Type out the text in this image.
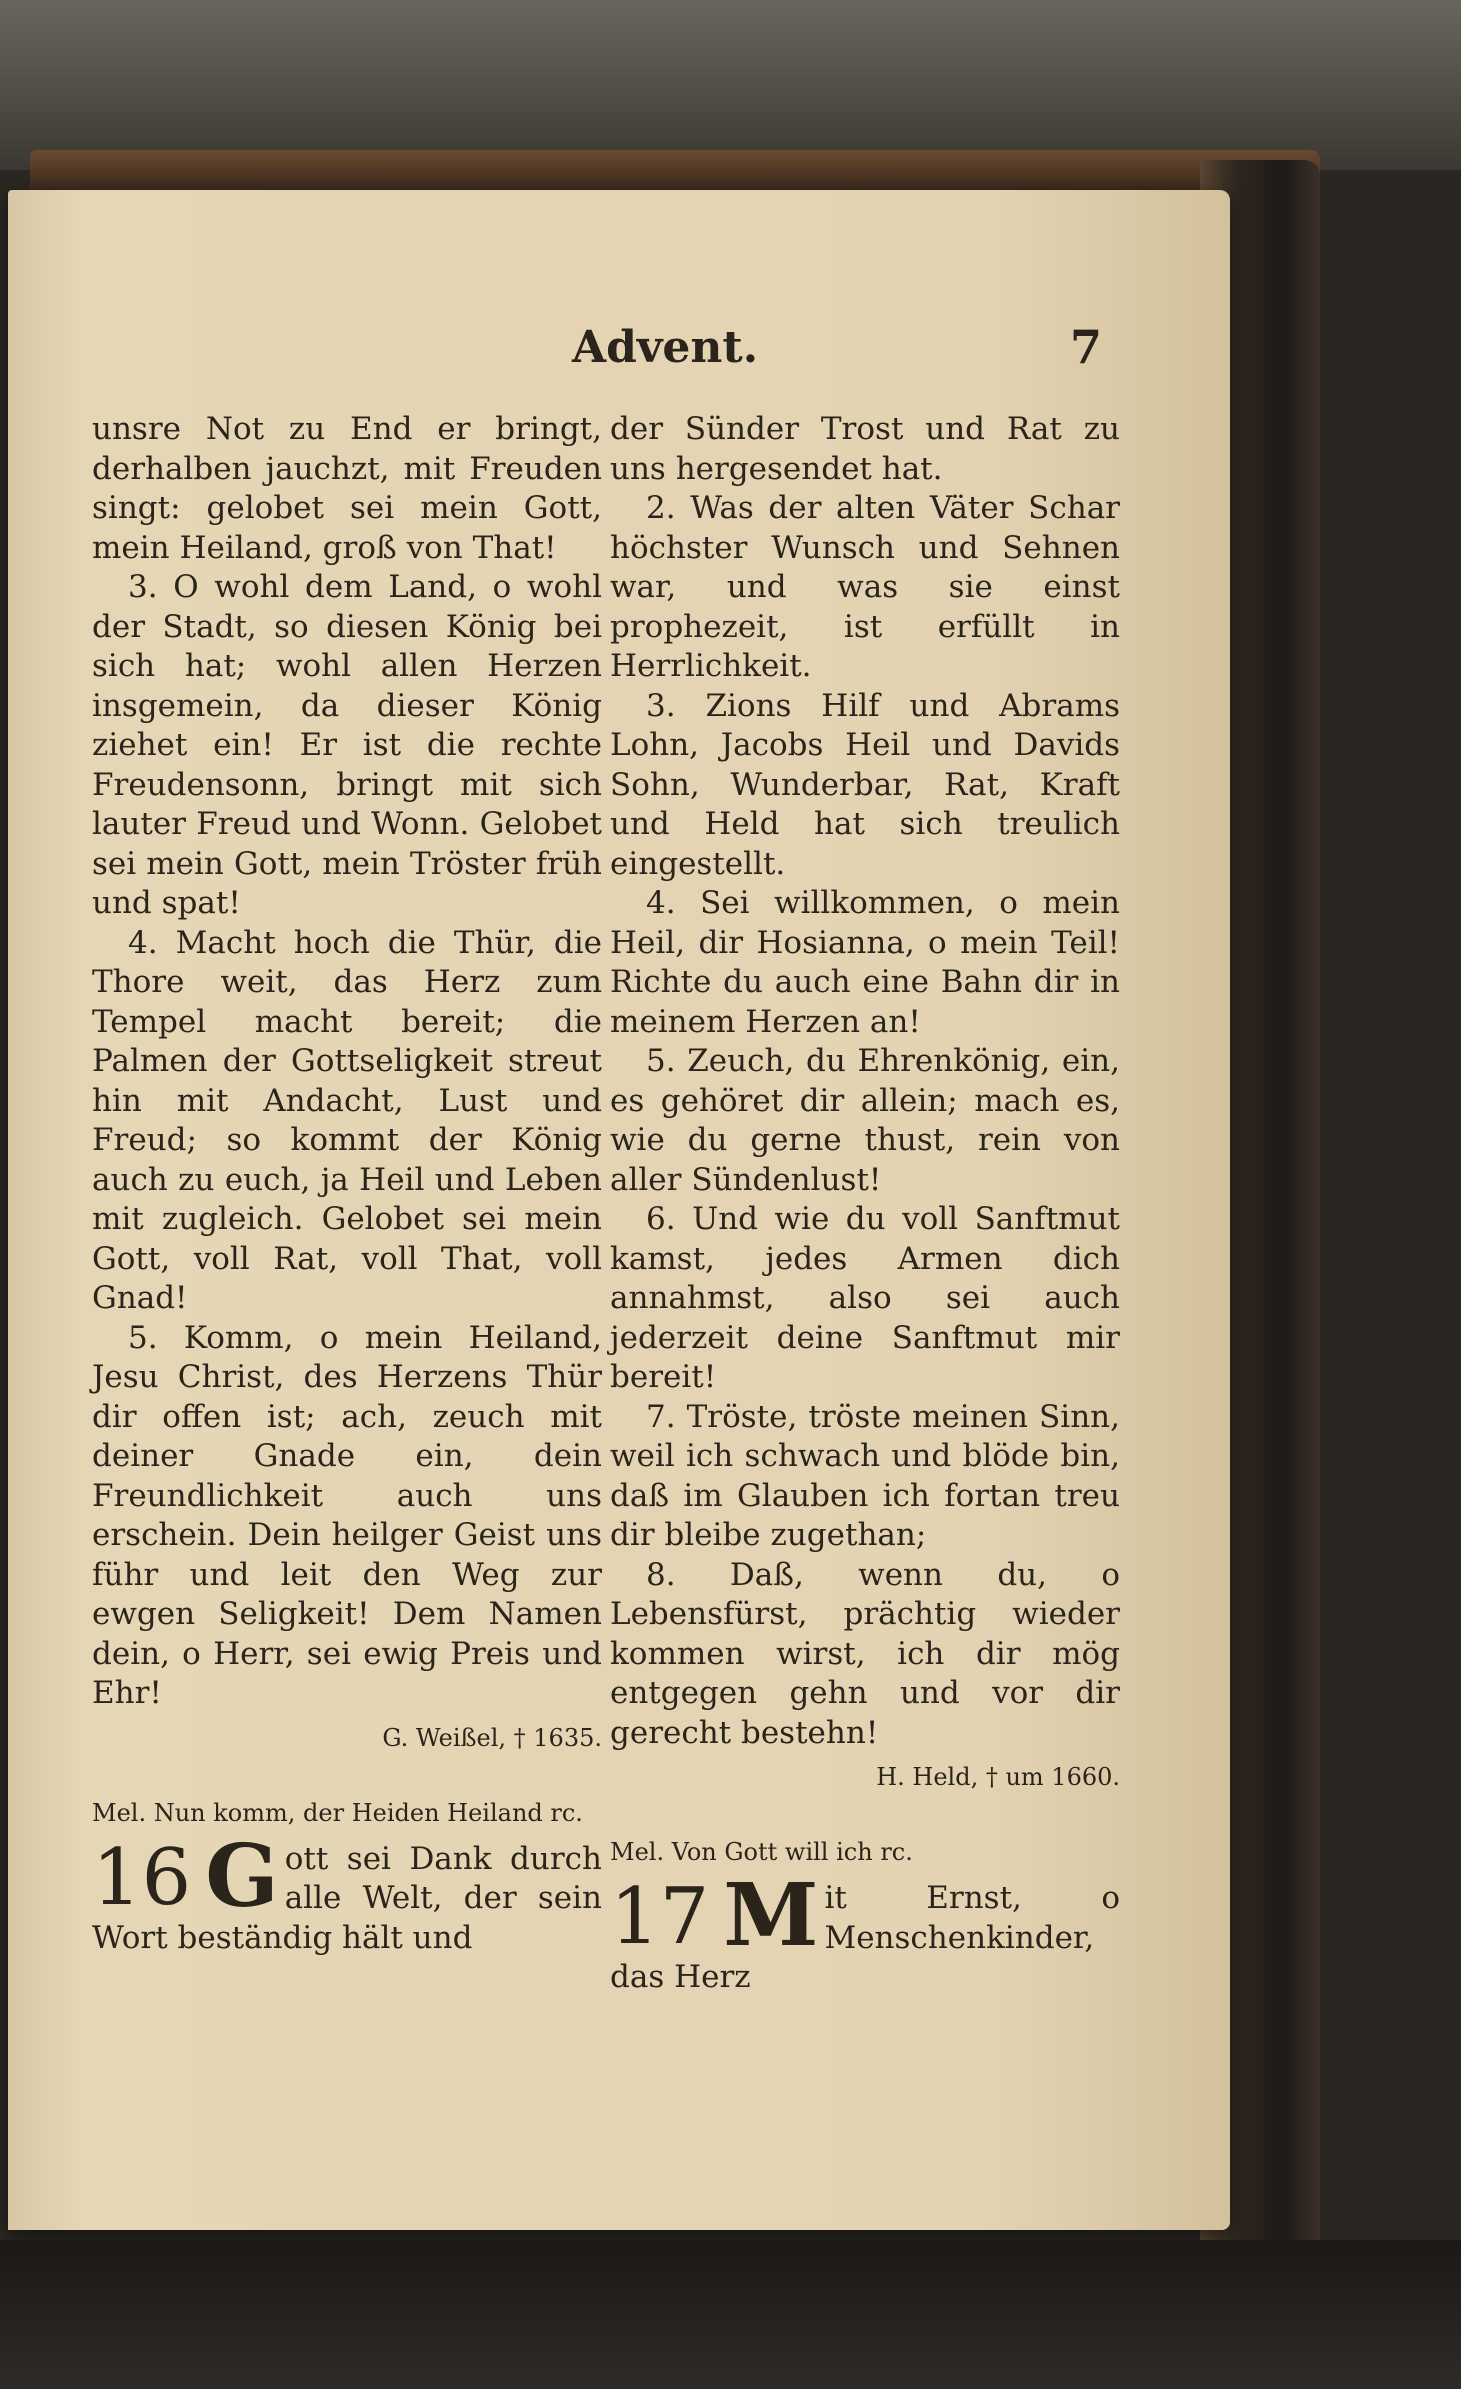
Advent.	7

unsre Not zu End er bringt, derhalben jauchzt, mit Freuden singt: gelobet sei mein Gott, mein Heiland, groß von That!

3. O wohl dem Land, o wohl der Stadt, so diesen König bei sich hat; wohl allen Herzen insgemein, da dieser König ziehet ein! Er ist die rechte Freudensonn, bringt mit sich lauter Freud und Wonn. Gelobet sei mein Gott, mein Tröster früh und spat!

4. Macht hoch die Thür, die Thore weit, das Herz zum Tempel macht bereit; die Palmen der Gottseligkeit streut hin mit Andacht, Lust und Freud; so kommt der König auch zu euch, ja Heil und Leben mit zugleich. Gelobet sei mein Gott, voll Rat, voll That, voll Gnad!

5. Komm, o mein Heiland, Jesu Christ, des Herzens Thür dir offen ist; ach, zeuch mit deiner Gnade ein, dein Freundlichkeit auch uns erschein. Dein heilger Geist uns führ und leit den Weg zur ewgen Seligkeit! Dem Namen dein, o Herr, sei ewig Preis und Ehr!

G. Weißel, † 1635.

Mel. Nun komm, der Heiden Heiland rc.

16 G ott sei Dank durch alle Welt, der sein Wort beständig hält und

der Sünder Trost und Rat zu uns hergesendet hat.

2. Was der alten Väter Schar höchster Wunsch und Sehnen war, und was sie einst prophezeit, ist erfüllt in Herrlichkeit.

3. Zions Hilf und Abrams Lohn, Jacobs Heil und Davids Sohn, Wunderbar, Rat, Kraft und Held hat sich treulich eingestellt.

4. Sei willkommen, o mein Heil, dir Hosianna, o mein Teil! Richte du auch eine Bahn dir in meinem Herzen an!

5. Zeuch, du Ehrenkönig, ein, es gehöret dir allein; mach es, wie du gerne thust, rein von aller Sündenlust!

6. Und wie du voll Sanftmut kamst, jedes Armen dich annahmst, also sei auch jederzeit deine Sanftmut mir bereit!

7. Tröste, tröste meinen Sinn, weil ich schwach und blöde bin, daß im Glauben ich fortan treu dir bleibe zugethan;

8. Daß, wenn du, o Lebensfürst, prächtig wieder kommen wirst, ich dir mög entgegen gehn und vor dir gerecht bestehn!

H. Held, † um 1660.

Mel. Von Gott will ich rc.

17 M it Ernst, o Menschenkinder, das Herz
